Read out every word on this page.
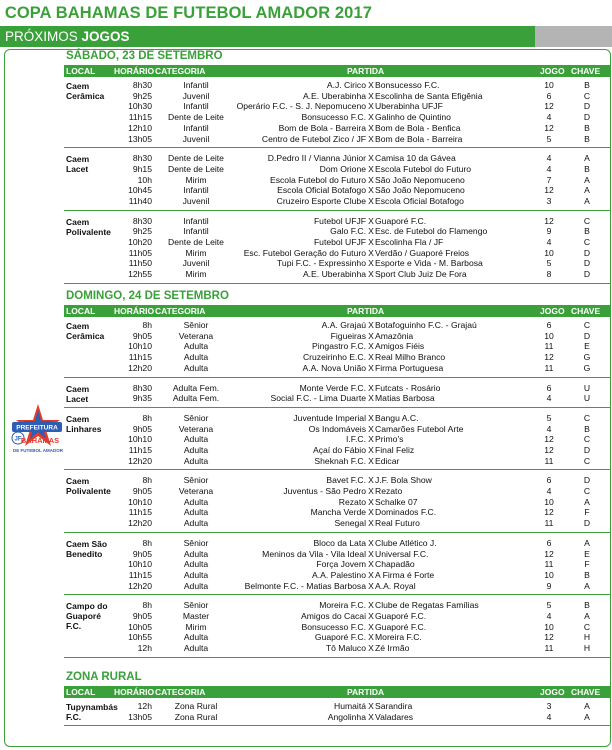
COPA BAHAMAS DE FUTEBOL AMADOR 2017
PRÓXIMOS JOGOS
PREFEITURA
JF BAHAMAS
DE FUTEBOL AMADOR
SÁBADO, 23 DE SETEMBRO
LOCAL HORÁRIO CATEGORIA	PARTIDA	JOGO CHAVE
Caem Cerâmica
8h30	Infantil	A.J. Cirico X Bonsucesso F.C.	10	B
9h25	Juvenil	A.E. Uberabinha X Escolinha de Santa Efigênia	6	C
10h30	Infantil	Operário F.C. - S. J. Nepomuceno X Uberabinha UFJF	12	D
11h15	Dente de Leite	Bonsucesso F.C. X Galinho de Quintino	4	D
12h10	Infantil	Bom de Bola - Barreira X Bom de Bola - Benfica	12	B
13h05	Juvenil	Centro de Futebol Zico / JF X Bom de Bola - Barreira	5	B
Caem Lacet
8h30	Dente de Leite	D.Pedro II / Vianna Júnior X Camisa 10 da Gávea	4	A
9h15	Dente de Leite	Dom Orione X Escola Futebol do Futuro	4	B
10h	Mirim	Escola Futebol do Futuro X São João Nepomuceno	7	A
10h45	Infantil	Escola Oficial Botafogo X São João Nepomuceno	12	A
11h40	Juvenil	Cruzeiro Esporte Clube X Escola Oficial Botafogo	3	A
Caem Polivalente
8h30	Infantil	Futebol UFJF X Guaporé F.C.	12	C
9h25	Infantil	Galo F.C. X Esc. de Futebol do Flamengo	9	B
10h20	Dente de Leite	Futebol UFJF X Escolinha Fla / JF	4	C
11h05	Mirim	Esc. Futebol Geração do Futuro X Verdão / Guaporé Freios	10	D
11h50	Juvenil	Tupi F.C. - Expressinho X Esporte e Vida - M. Barbosa	5	D
12h55	Mirim	A.E. Uberabinha X Sport Club Juiz De Fora	8	D
DOMINGO, 24 DE SETEMBRO
LOCAL HORÁRIO CATEGORIA	PARTIDA	JOGO CHAVE
Caem Cerâmica
8h	Sênior	A.A. Grajaú X Botafoguinho F.C. - Grajaú	6	C
9h05	Veterana	Figueiras X Amazônia	10	D
10h10	Adulta	Pingastro F.C. X Amigos Fiéis	11	E
11h15	Adulta	Cruzeirinho E.C. X Real Milho Branco	12	G
12h20	Adulta	A.A. Nova União X Firma Portuguesa	11	G
Caem Lacet
8h30	Adulta Fem.	Monte Verde F.C. X Futcats - Rosário	6	U
9h35	Adulta Fem.	Social F.C. - Lima Duarte X Matias Barbosa	4	U
Caem Linhares
8h	Sênior	Juventude Imperial X Bangu A.C.	5	C
9h05	Veterana	Os Indomáveis X Camarões Futebol Arte	4	B
10h10	Adulta	I.F.C. X Primo's	12	C
11h15	Adulta	Açaí do Fábio X Final Feliz	12	D
12h20	Adulta	Sheknah F.C. X Edicar	11	C
Caem Polivalente
8h	Sênior	Bavet F.C. X J.F. Bola Show	6	D
9h05	Veterana	Juventus - São Pedro X Rezato	4	C
10h10	Adulta	Rezato X Schalke 07	10	A
11h15	Adulta	Mancha Verde X Dominados F.C.	12	F
12h20	Adulta	Senegal X Real Futuro	11	D
Caem São Benedito
8h	Sênior	Bloco da Lata X Clube Atlético J.	6	A
9h05	Adulta	Meninos da Vila - Vila Ideal X Universal F.C.	12	E
10h10	Adulta	Força Jovem X Chapadão	11	F
11h15	Adulta	A.A. Palestino X A Firma é Forte	10	B
12h20	Adulta	Belmonte F.C. - Matias Barbosa X A.A. Royal	9	A
Campo do Guaporé F.C.
8h	Sênior	Moreira F.C. X Clube de Regatas Famílias	5	B
9h05	Master	Amigos do Cacai X Guaporé F.C.	4	A
10h05	Mirim	Bonsucesso F.C. X Guaporé F.C.	10	C
10h55	Adulta	Guaporé F.C. X Moreira F.C.	12	H
12h	Adulta	Tô Maluco X Zé Irmão	11	H
ZONA RURAL
LOCAL HORÁRIO CATEGORIA	PARTIDA	JOGO CHAVE
Tupynambás F.C.
12h	Zona Rural	Humaitá X Sarandira	3	A
13h05	Zona Rural	Angolinha X Valadares	4	A
